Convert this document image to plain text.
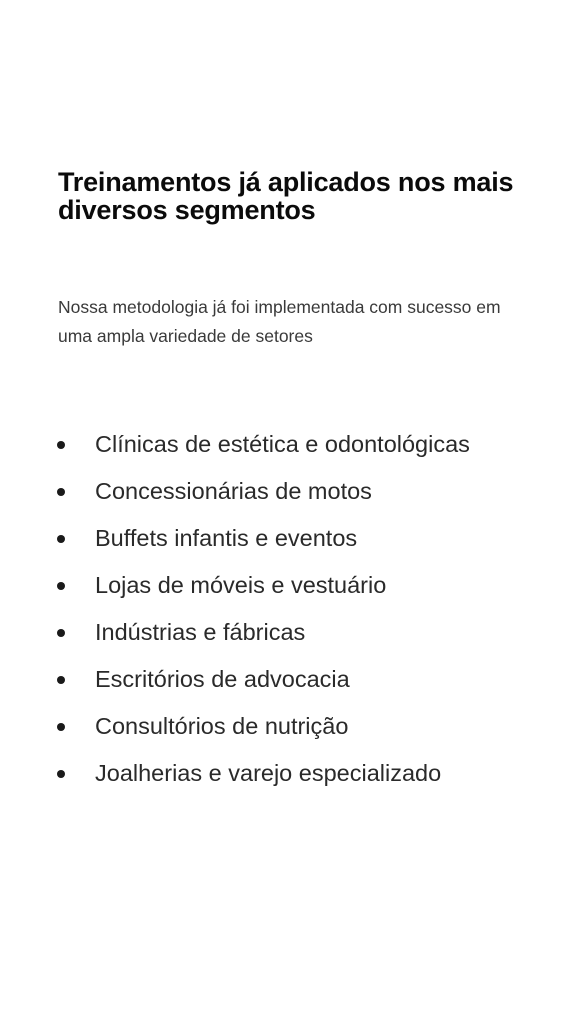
Treinamentos já aplicados nos mais diversos segmentos

Nossa metodologia já foi implementada com sucesso em uma ampla variedade de setores

Clínicas de estética e odontológicas
Concessionárias de motos
Buffets infantis e eventos
Lojas de móveis e vestuário
Indústrias e fábricas
Escritórios de advocacia
Consultórios de nutrição
Joalherias e varejo especializado
